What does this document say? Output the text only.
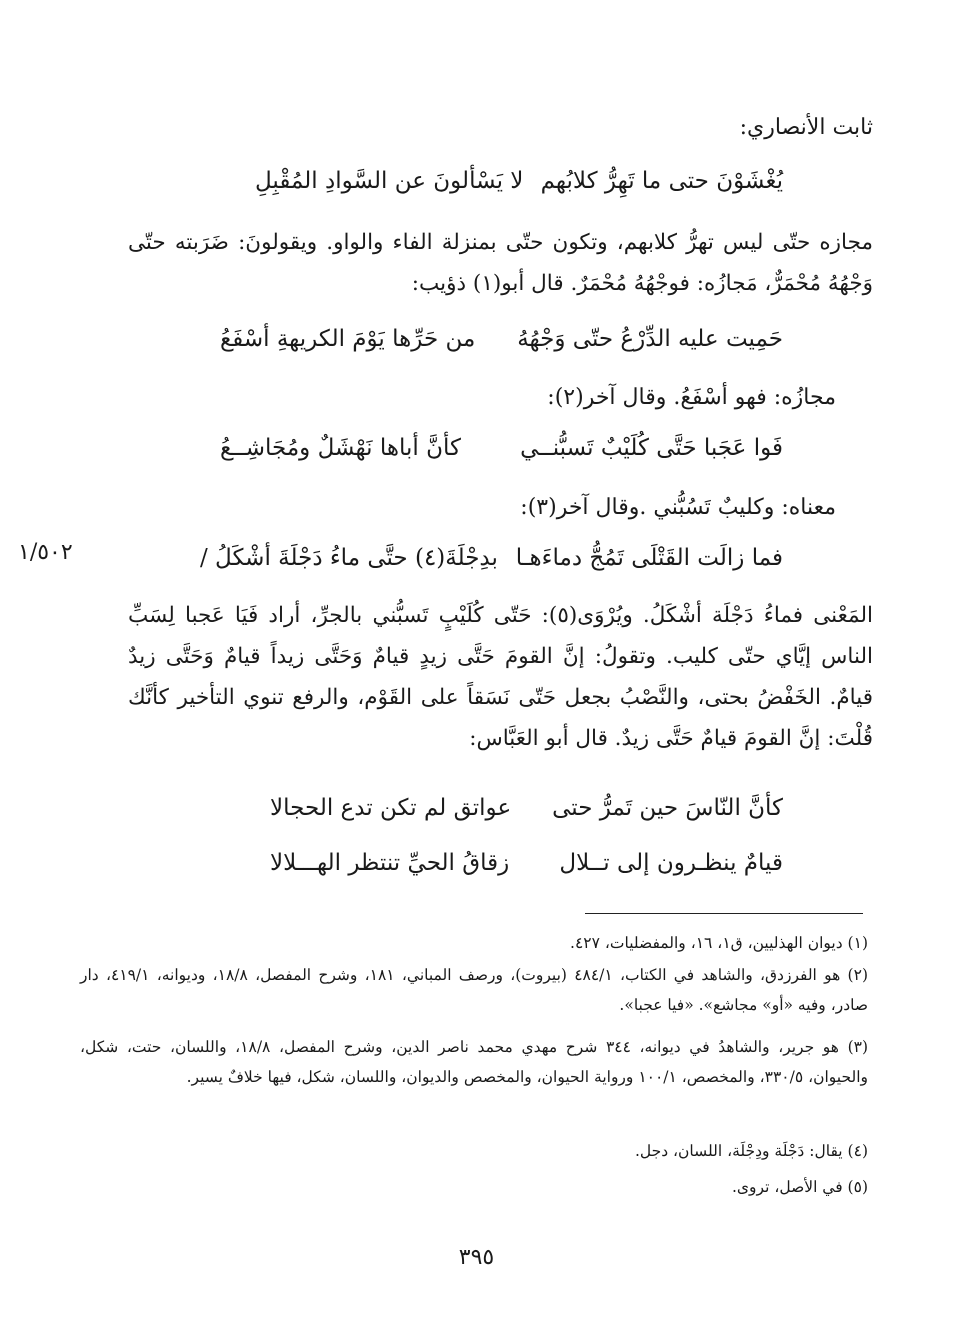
ثابت الأنصاري:
يُغْشَوْنَ حتى ما تَهِرُّ كلابُهم
لا يَسْألونَ عن السَّوادِ المُقْبِلِ
مجازه حتّى ليس تهرُّ كلابهم، وتكون حتّى بمنزلة الفاء والواو. ويقولونَ: ضَرَبته حتّى وَجْهُهُ مُحْمَرٌّ، مَجازُه: فوجْهُهُ مُحْمَرٌ. قال أبو(١) ذؤيب:
حَمِيت عليه الدِّرْعُ حتّى وَجْهُهُ
من حَرِّها يَوْمَ الكريهةِ أسْفَعُ
مجازُه: فهو أسْفَعُ. وقال آخر(٢):
فَوا عَجَبا حَتَّى كُلَيْبٌ تَسبُّنــي
كأنَّ أباها نَهْشَلٌ ومُجَاشِــعُ
معناه: وكليبٌ تَسُبُّني .وقال آخر(٣):
١/٥٠٢	فما زالَت القَتْلَى تَمُجُّ دماءَهـا
بدِجْلَةَ(٤) حتَّى ماءُ دَجْلَةَ أشْكَلُ /
المَعْنى فماءُ دَجْلَة أشْكَلُ. ويُرْوَى(٥): حَتّى كُلَيْبٍ تَسبُّني بالجرِّ، أراد فَيَا عَجبا لِسَبِّ الناس إيَّاي حتّى كليب. وتقولُ: إنَّ القومَ حَتَّى زيدٍ قيامٌ وَحَتَّى زيداً قيامٌ وَحَتَّى زيدٌ قيامٌ. الخَفْضُ بحتى، والنَّصْبُ بجعل حَتّى نَسَقاً على القَوْم، والرفع تنوي التأخير كأنَّك قُلْتَ: إنَّ القومَ قيامٌ حَتَّى زيدٌ. قال أبو العَبَّاس:
كأنَّ النّاسَ حين تَمرُّ حتى
عواتق لم تكن تدع الحجالا
قيامٌ ينظـرون إلى تــلال
زقاقُ الحيِّ تنتظر الهـــلالا
(١) ديوان الهذليين، ق١، ١٦، والمفضليات، ٤٢٧.
(٢) هو الفرزدق، والشاهد في الكتاب، ٤٨٤/١ (بيروت)، ورصف المباني، ١٨١، وشرح المفصل، ١٨/٨، وديوانه، ٤١٩/١، دار صادر، وفيه «أو» مجاشع». «فيا عجبا».
(٣) هو جرير، والشاهدُ في ديوانه، ٣٤٤ شرح مهدي محمد ناصر الدين، وشرح المفصل، ١٨/٨، واللسان، حتت، شكل، والحيوان، ٣٣٠/٥، والمخصص، ١٠٠/١ ورواية الحيوان، والمخصص والديوان، واللسان، شكل، فيها خلافٌ يسير.
(٤) يقال: دَجْلَة ودِجْلَة، اللسان، دجل.
(٥) في الأصل، تروى.
٣٩٥
